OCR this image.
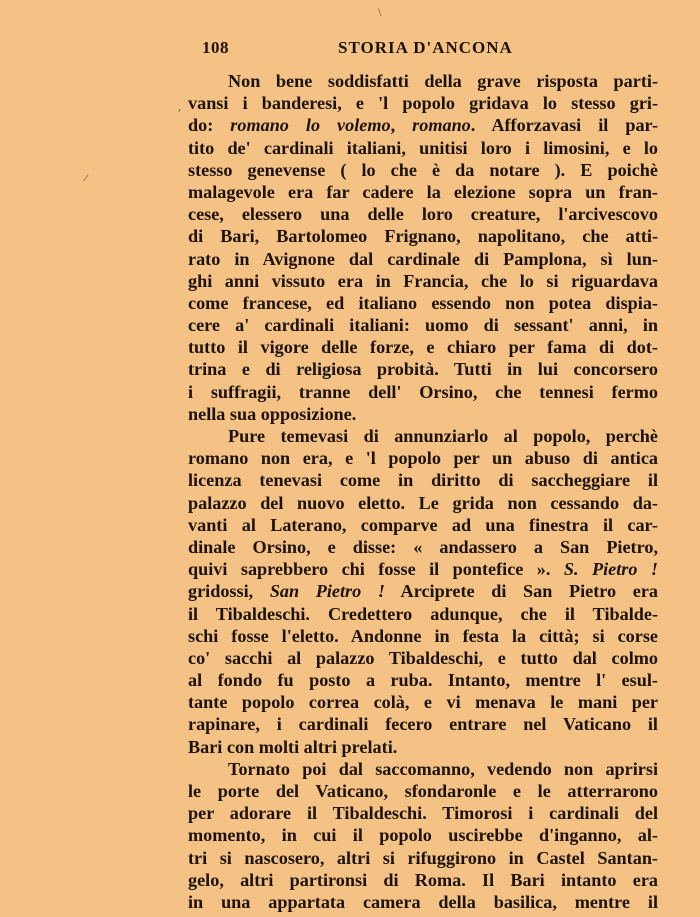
\
,
/
108	STORIA D'ANCONA
Non bene soddisfatti della grave risposta parti-
vansi i banderesi, e 'l popolo gridava lo stesso gri-
do: romano lo volemo, romano. Afforzavasi il par-
tito de' cardinali italiani, unitisi loro i limosini, e lo
stesso genevense ( lo che è da notare ). E poichè
malagevole era far cadere la elezione sopra un fran-
cese, elessero una delle loro creature, l'arcivescovo
di Bari, Bartolomeo Frignano, napolitano, che atti-
rato in Avignone dal cardinale di Pamplona, sì lun-
ghi anni vissuto era in Francia, che lo si riguardava
come francese, ed italiano essendo non potea dispia-
cere a' cardinali italiani: uomo di sessant' anni, in
tutto il vigore delle forze, e chiaro per fama di dot-
trina e di religiosa probità. Tutti in lui concorsero
i suffragii, tranne dell' Orsino, che tennesi fermo
nella sua opposizione.
Pure temevasi di annunziarlo al popolo, perchè
romano non era, e 'l popolo per un abuso di antica
licenza tenevasi come in diritto di saccheggiare il
palazzo del nuovo eletto. Le grida non cessando da-
vanti al Laterano, comparve ad una finestra il car-
dinale Orsino, e disse: « andassero a San Pietro,
quivi saprebbero chi fosse il pontefice ». S. Pietro !
gridossi, San Pietro ! Arciprete di San Pietro era
il Tibaldeschi. Credettero adunque, che il Tibalde-
schi fosse l'eletto. Andonne in festa la città; si corse
co' sacchi al palazzo Tibaldeschi, e tutto dal colmo
al fondo fu posto a ruba. Intanto, mentre l' esul-
tante popolo correa colà, e vi menava le mani per
rapinare, i cardinali fecero entrare nel Vaticano il
Bari con molti altri prelati.
Tornato poi dal saccomanno, vedendo non aprirsi
le porte del Vaticano, sfondaronle e le atterrarono
per adorare il Tibaldeschi. Timorosi i cardinali del
momento, in cui il popolo uscirebbe d'inganno, al-
tri si nascosero, altri si rifuggirono in Castel Santan-
gelo, altri partironsi di Roma. Il Bari intanto era
in una appartata camera della basilica, mentre il
